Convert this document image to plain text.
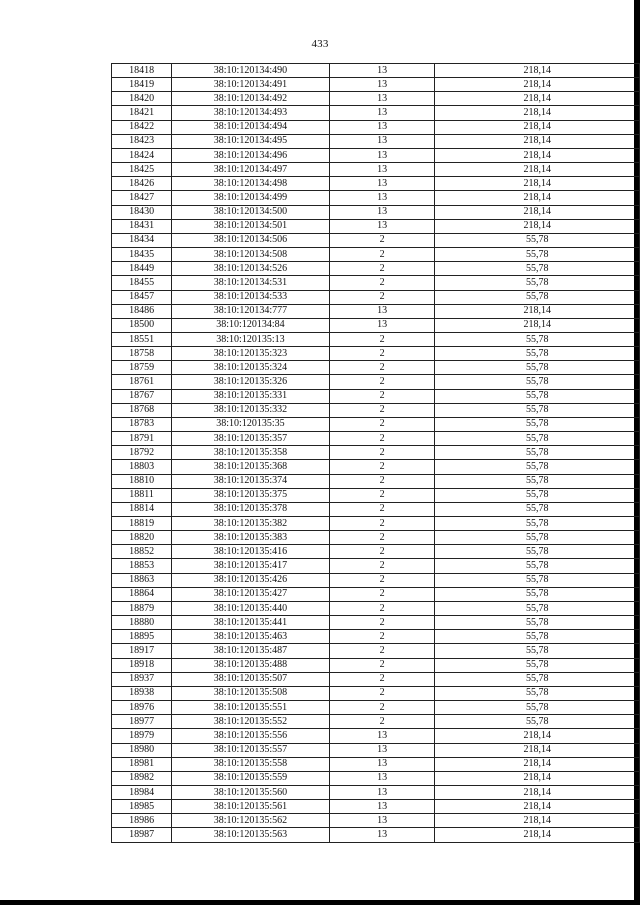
433
18418	38:10:120134:490	13	218,14
18419	38:10:120134:491	13	218,14
18420	38:10:120134:492	13	218,14
18421	38:10:120134:493	13	218,14
18422	38:10:120134:494	13	218,14
18423	38:10:120134:495	13	218,14
18424	38:10:120134:496	13	218,14
18425	38:10:120134:497	13	218,14
18426	38:10:120134:498	13	218,14
18427	38:10:120134:499	13	218,14
18430	38:10:120134:500	13	218,14
18431	38:10:120134:501	13	218,14
18434	38:10:120134:506	2	55,78
18435	38:10:120134:508	2	55,78
18449	38:10:120134:526	2	55,78
18455	38:10:120134:531	2	55,78
18457	38:10:120134:533	2	55,78
18486	38:10:120134:777	13	218,14
18500	38:10:120134:84	13	218,14
18551	38:10:120135:13	2	55,78
18758	38:10:120135:323	2	55,78
18759	38:10:120135:324	2	55,78
18761	38:10:120135:326	2	55,78
18767	38:10:120135:331	2	55,78
18768	38:10:120135:332	2	55,78
18783	38:10:120135:35	2	55,78
18791	38:10:120135:357	2	55,78
18792	38:10:120135:358	2	55,78
18803	38:10:120135:368	2	55,78
18810	38:10:120135:374	2	55,78
18811	38:10:120135:375	2	55,78
18814	38:10:120135:378	2	55,78
18819	38:10:120135:382	2	55,78
18820	38:10:120135:383	2	55,78
18852	38:10:120135:416	2	55,78
18853	38:10:120135:417	2	55,78
18863	38:10:120135:426	2	55,78
18864	38:10:120135:427	2	55,78
18879	38:10:120135:440	2	55,78
18880	38:10:120135:441	2	55,78
18895	38:10:120135:463	2	55,78
18917	38:10:120135:487	2	55,78
18918	38:10:120135:488	2	55,78
18937	38:10:120135:507	2	55,78
18938	38:10:120135:508	2	55,78
18976	38:10:120135:551	2	55,78
18977	38:10:120135:552	2	55,78
18979	38:10:120135:556	13	218,14
18980	38:10:120135:557	13	218,14
18981	38:10:120135:558	13	218,14
18982	38:10:120135:559	13	218,14
18984	38:10:120135:560	13	218,14
18985	38:10:120135:561	13	218,14
18986	38:10:120135:562	13	218,14
18987	38:10:120135:563	13	218,14
